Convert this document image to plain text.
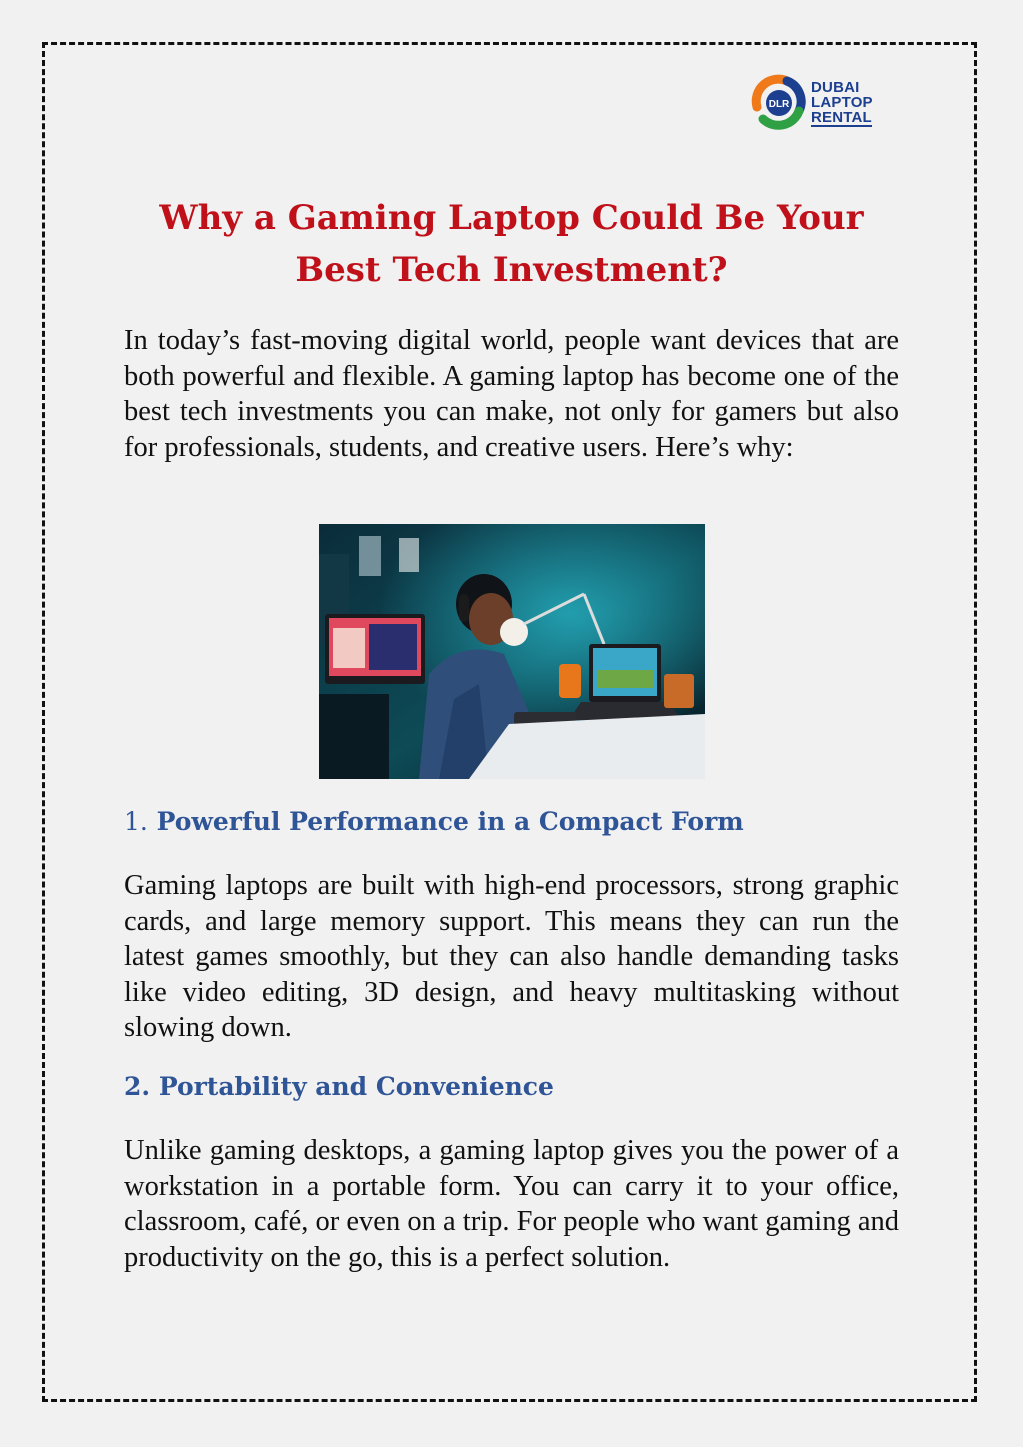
DLR
DUBAI
LAPTOP
RENTAL
Why a Gaming Laptop Could Be Your
Best Tech Investment?

In today’s fast-moving digital world, people want devices that are both powerful and flexible. A gaming laptop has become one of the best tech investments you can make, not only for gamers but also for professionals, students, and creative users. Here’s why:

1. Powerful Performance in a Compact Form

Gaming laptops are built with high-end processors, strong graphic cards, and large memory support. This means they can run the latest games smoothly, but they can also handle demanding tasks like video editing, 3D design, and heavy multitasking without slowing down.

2. Portability and Convenience

Unlike gaming desktops, a gaming laptop gives you the power of a workstation in a portable form. You can carry it to your office, classroom, café, or even on a trip. For people who want gaming and productivity on the go, this is a perfect solution.
